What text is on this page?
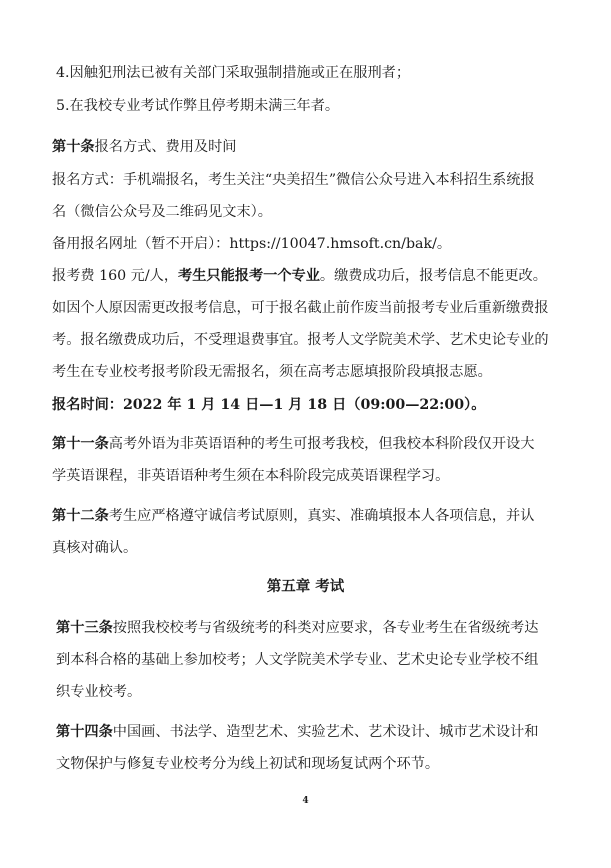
4.因触犯刑法已被有关部门采取强制措施或正在服刑者；
5.在我校专业考试作弊且停考期未满三年者。
第十条报名方式、费用及时间
报名方式：手机端报名，考生关注“央美招生”微信公众号进入本科招生系统报
名（微信公众号及二维码见文末）。
备用报名网址（暂不开启）：https://10047.hmsoft.cn/bak/。
报考费 160 元/人，考生只能报考一个专业。缴费成功后，报考信息不能更改。
如因个人原因需更改报考信息，可于报名截止前作废当前报考专业后重新缴费报
考。报名缴费成功后，不受理退费事宜。报考人文学院美术学、艺术史论专业的
考生在专业校考报考阶段无需报名，须在高考志愿填报阶段填报志愿。
报名时间：2022 年 1 月 14 日—1 月 18 日（09:00—22:00）。
第十一条高考外语为非英语语种的考生可报考我校，但我校本科阶段仅开设大
学英语课程，非英语语种考生须在本科阶段完成英语课程学习。
第十二条考生应严格遵守诚信考试原则，真实、准确填报本人各项信息，并认
真核对确认。
第五章 考试
第十三条按照我校校考与省级统考的科类对应要求，各专业考生在省级统考达
到本科合格的基础上参加校考；人文学院美术学专业、艺术史论专业学校不组
织专业校考。
第十四条中国画、书法学、造型艺术、实验艺术、艺术设计、城市艺术设计和
文物保护与修复专业校考分为线上初试和现场复试两个环节。
4
